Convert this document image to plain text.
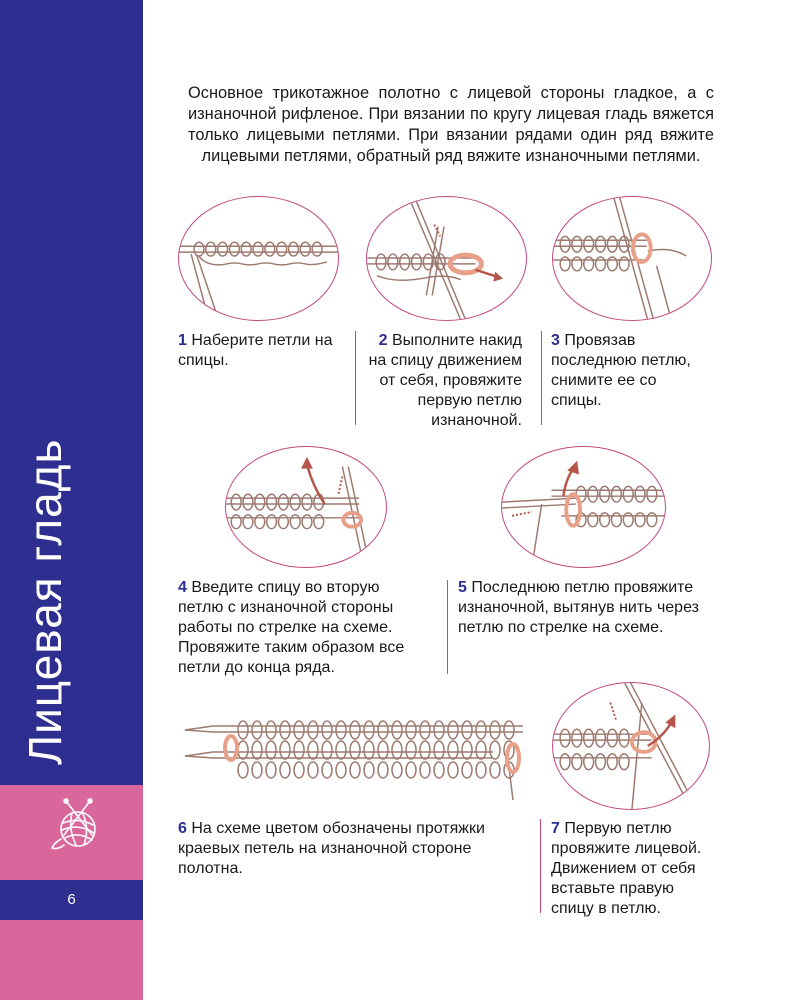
Лицевая гладь
6

Основное трикотажное полотно с лицевой стороны гладкое, а с изнаночной рифленое. При вязании по кругу лицевая гладь вяжется только лицевыми петлями. При вязании рядами один ряд вяжите лицевыми петлями, обратный ряд вяжите изнаночными петлями.

1 Наберите петли на спицы.
2 Выполните накид на спицу движением от себя, провяжите первую петлю изнаночной.
3 Провязав последнюю петлю, снимите ее со спицы.
4 Введите спицу во вторую петлю с изнаночной стороны работы по стрелке на схеме. Провяжите таким образом все петли до конца ряда.
5 Последнюю петлю провяжите изнаночной, вытянув нить через петлю по стрелке на схеме.
6 На схеме цветом обозначены протяжки краевых петель на изнаночной стороне полотна.
7 Первую петлю провяжите лицевой. Движением от себя вставьте правую спицу в петлю.
